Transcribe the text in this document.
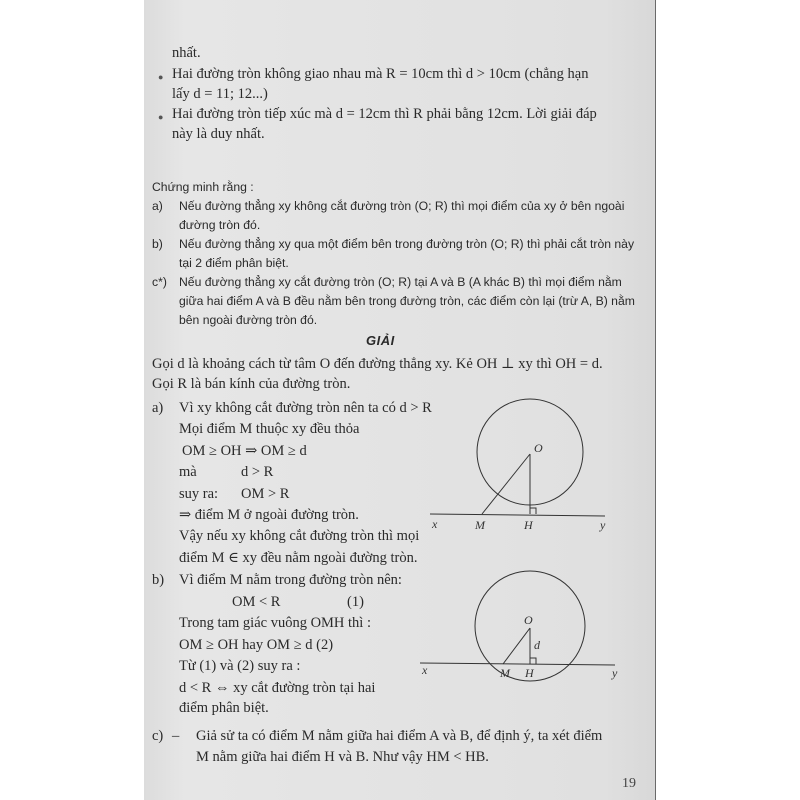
nhất.
● Hai đường tròn không giao nhau mà R = 10cm thì d > 10cm (chẳng hạn
lấy d = 11; 12...)
● Hai đường tròn tiếp xúc mà d = 12cm thì R phải bằng 12cm. Lời giải đáp
này là duy nhất.
Chứng minh rằng :
a) Nếu đường thẳng xy không cắt đường tròn (O; R) thì mọi điểm của xy ở bên ngoài
đường tròn đó.
b) Nếu đường thẳng xy qua một điểm bên trong đường tròn (O; R) thì phải cắt tròn này
tại 2 điểm phân biệt.
c*) Nếu đường thẳng xy cắt đường tròn (O; R) tại A và B (A khác B) thì mọi điểm nằm
giữa hai điểm A và B đều nằm bên trong đường tròn, các điểm còn lại (trừ A, B) nằm
bên ngoài đường tròn đó.
GIẢI
Gọi d là khoảng cách từ tâm O đến đường thẳng xy. Kẻ OH ⊥ xy thì OH = d.
Gọi R là bán kính của đường tròn.
a) Vì xy không cắt đường tròn nên ta có d > R
Mọi điểm M thuộc xy đều thỏa
OM ≥ OH ⇒ OM ≥ d
mà	d > R
suy ra: OM > R
⇒ điểm M ở ngoài đường tròn.
Vậy nếu xy không cắt đường tròn thì mọi
điểm M ∈ xy đều nằm ngoài đường tròn.
b) Vì điểm M nằm trong đường tròn nên:
OM < R	(1)
Trong tam giác vuông OMH thì :
OM ≥ OH hay OM ≥ d (2)
Từ (1) và (2) suy ra :
d < R ⇔ xy cắt đường tròn tại hai
điểm phân biệt.
c) – Giả sử ta có điểm M nằm giữa hai điểm A và B, để định ý, ta xét điểm
M nằm giữa hai điểm H và B. Như vậy HM < HB.
19
O
x	M	H	y
O
d
x	M H	y
